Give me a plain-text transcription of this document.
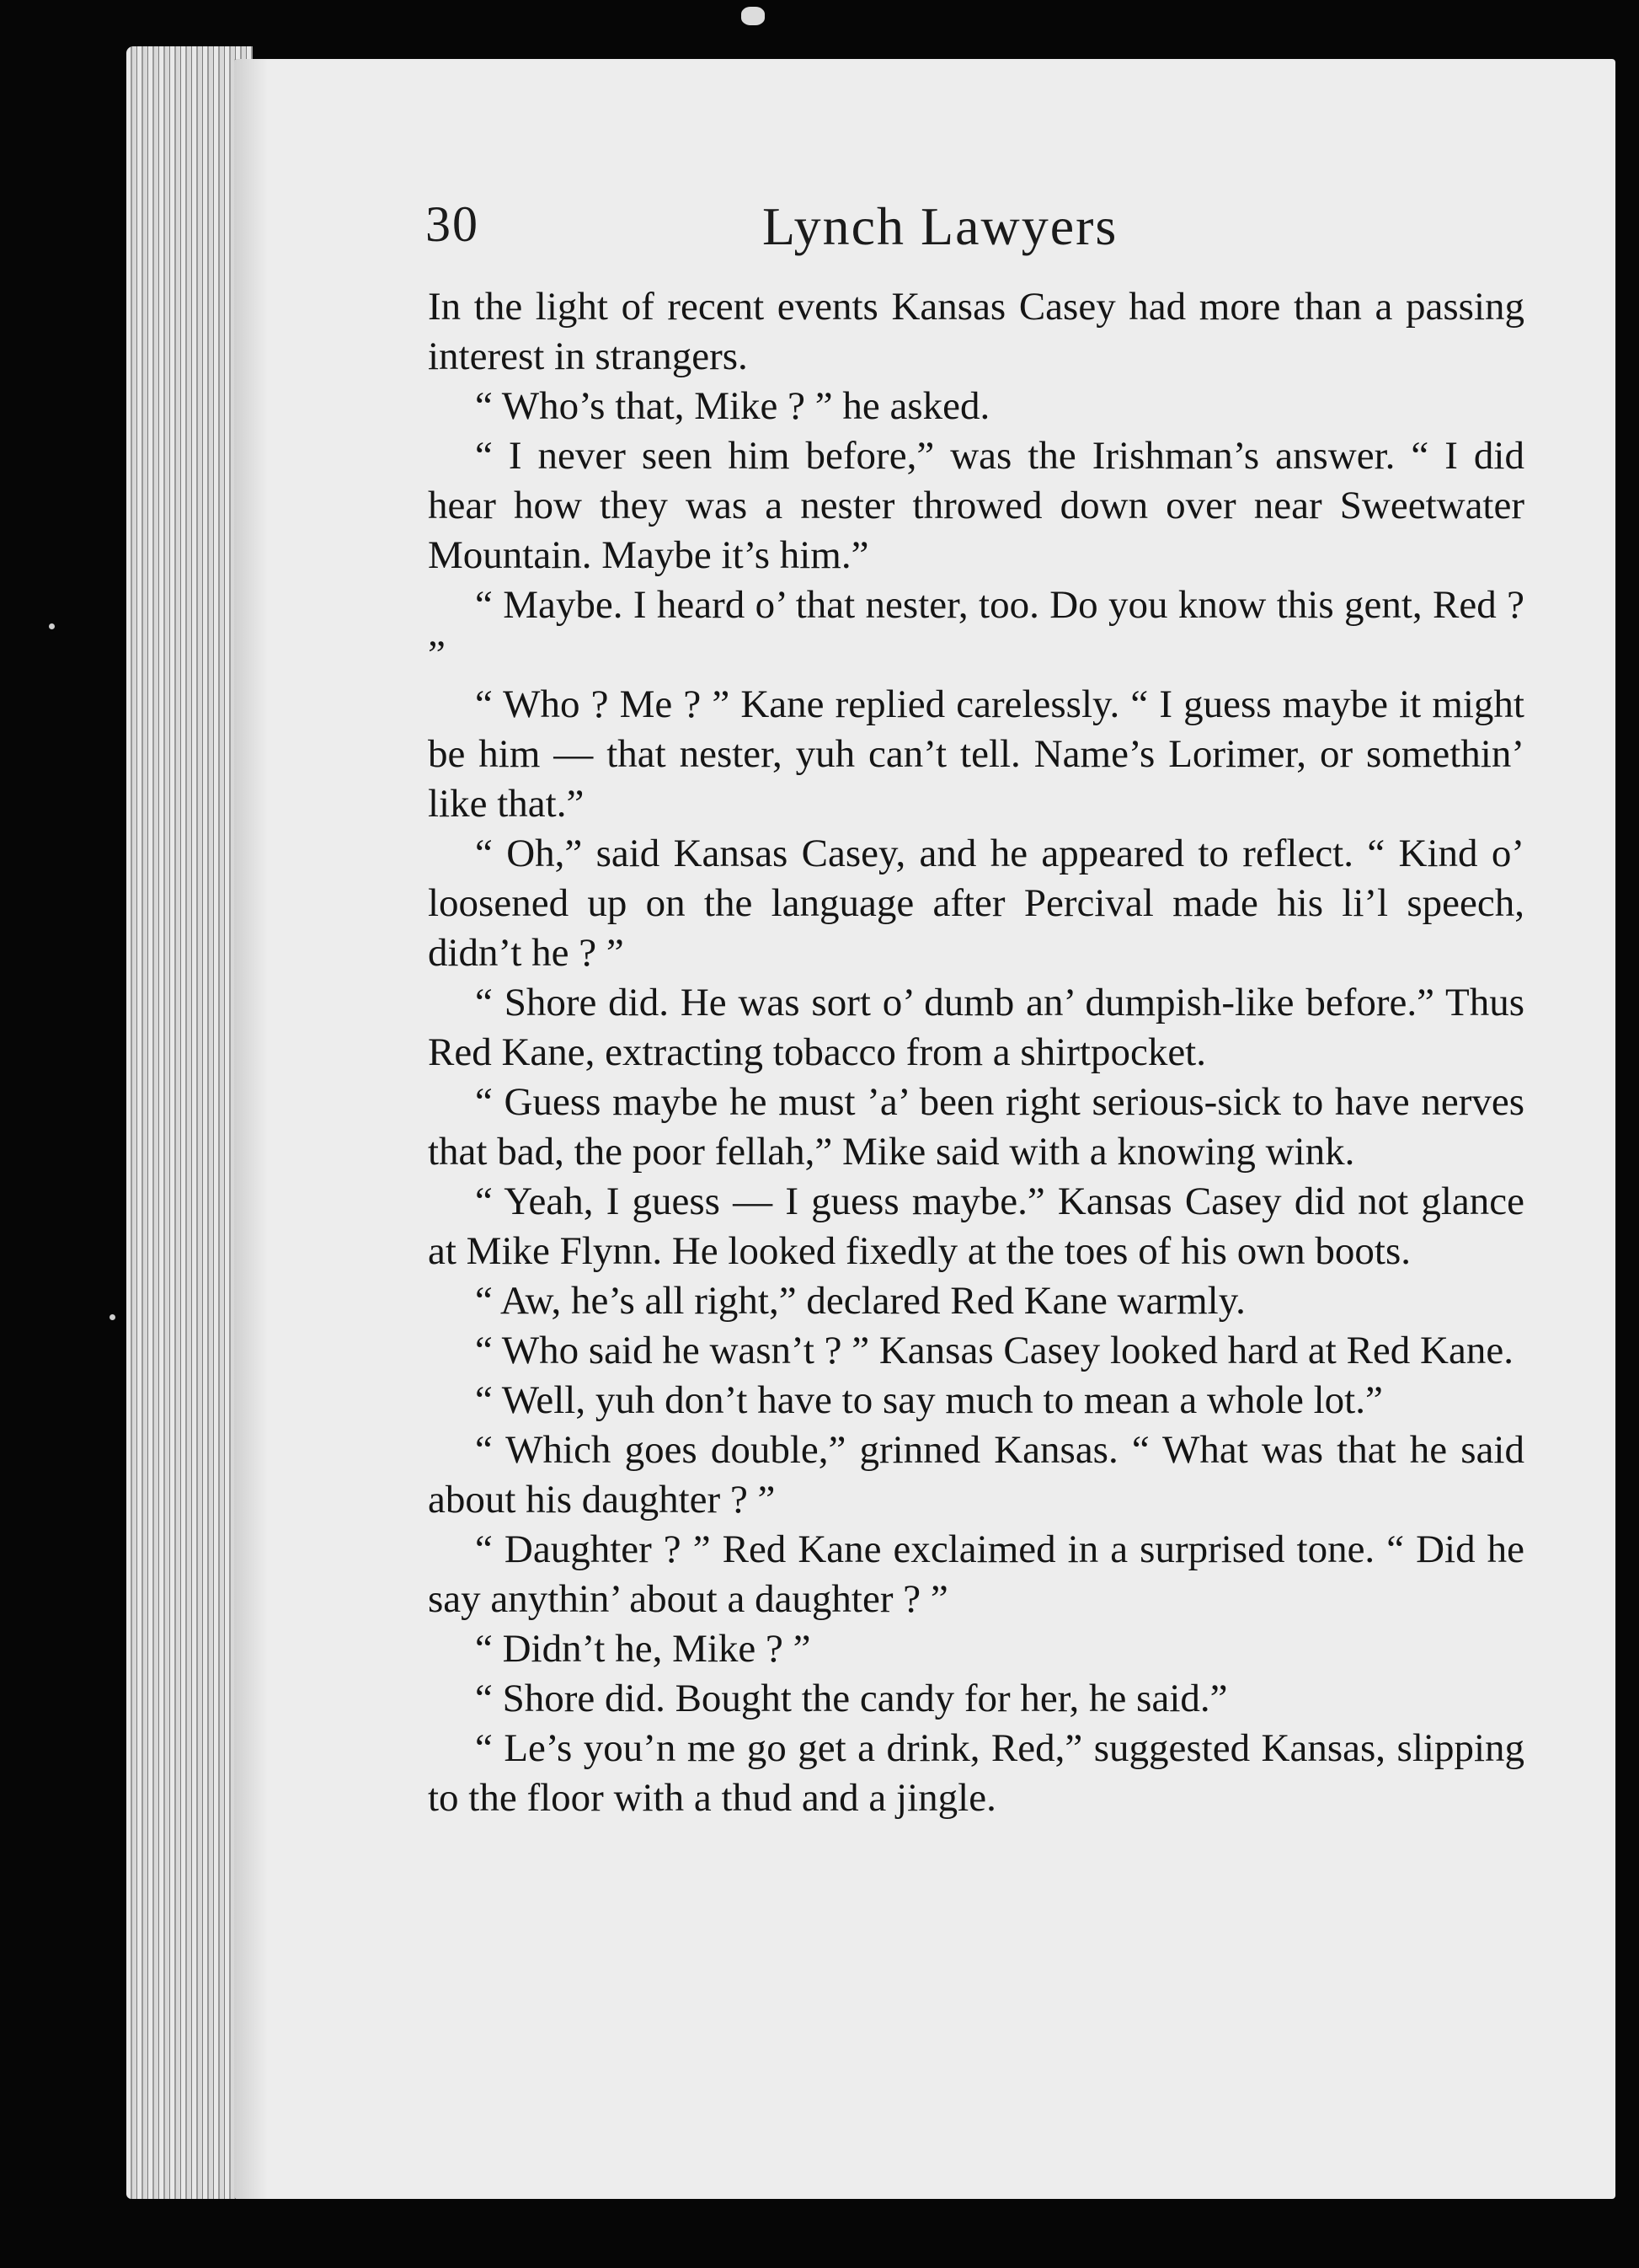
30	Lynch Lawyers

In the light of recent events Kansas Casey had more than a passing interest in strangers.

“ Who’s that, Mike ? ” he asked.

“ I never seen him before,” was the Irishman’s answer. “ I did hear how they was a nester throwed down over near Sweetwater Mountain. Maybe it’s him.”

“ Maybe. I heard o’ that nester, too. Do you know this gent, Red ? ”

“ Who ? Me ? ” Kane replied carelessly. “ I guess maybe it might be him — that nester, yuh can’t tell. Name’s Lorimer, or somethin’ like that.”

“ Oh,” said Kansas Casey, and he appeared to reflect. “ Kind o’ loosened up on the language after Percival made his li’l speech, didn’t he ? ”

“ Shore did. He was sort o’ dumb an’ dumpish-like before.” Thus Red Kane, extracting tobacco from a shirtpocket.

“ Guess maybe he must ’a’ been right serious-sick to have nerves that bad, the poor fellah,” Mike said with a knowing wink.

“ Yeah, I guess — I guess maybe.” Kansas Casey did not glance at Mike Flynn. He looked fixedly at the toes of his own boots.

“ Aw, he’s all right,” declared Red Kane warmly.

“ Who said he wasn’t ? ” Kansas Casey looked hard at Red Kane.

“ Well, yuh don’t have to say much to mean a whole lot.”

“ Which goes double,” grinned Kansas. “ What was that he said about his daughter ? ”

“ Daughter ? ” Red Kane exclaimed in a surprised tone. “ Did he say anythin’ about a daughter ? ”

“ Didn’t he, Mike ? ”

“ Shore did. Bought the candy for her, he said.”

“ Le’s you’n me go get a drink, Red,” suggested Kansas, slipping to the floor with a thud and a jingle.
